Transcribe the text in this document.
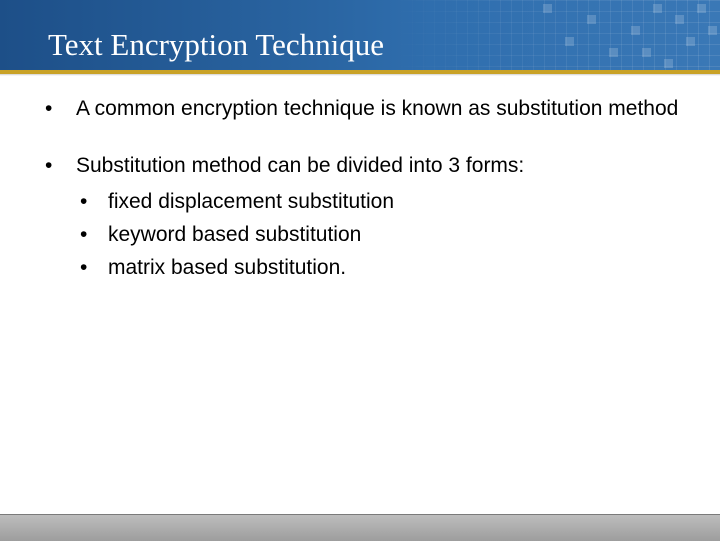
Text Encryption Technique
• A common encryption technique is known as substitution method
• Substitution method can be divided into 3 forms:
• fixed displacement substitution
• keyword based substitution
• matrix based substitution.
